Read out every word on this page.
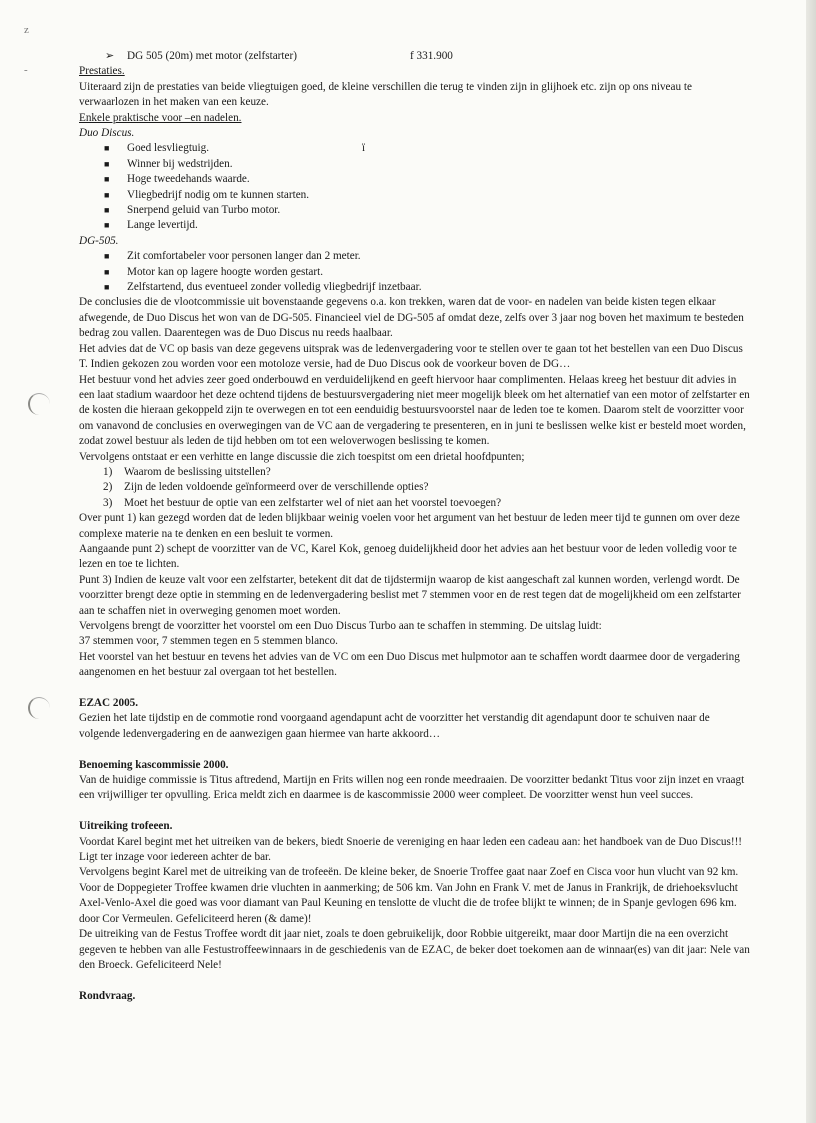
z
-
➢ DG 505 (20m) met motor (zelfstarter)	f 331.900

Prestaties.

Uiteraard zijn de prestaties van beide vliegtuigen goed, de kleine verschillen die terug te vinden zijn in glijhoek etc. zijn op ons niveau te verwaarlozen in het maken van een keuze.

Enkele praktische voor –en nadelen.

Duo Discus.

■ Goed lesvliegtuig.	ï
■ Winner bij wedstrijden.
■ Hoge tweedehands waarde.
■ Vliegbedrijf nodig om te kunnen starten.
■ Snerpend geluid van Turbo motor.
■ Lange levertijd.

DG-505.

■ Zit comfortabeler voor personen langer dan 2 meter.
■ Motor kan op lagere hoogte worden gestart.
■ Zelfstartend, dus eventueel zonder volledig vliegbedrijf inzetbaar.

De conclusies die de vlootcommissie uit bovenstaande gegevens o.a. kon trekken, waren dat de voor- en nadelen van beide kisten tegen elkaar afwegende, de Duo Discus het won van de DG-505. Financieel viel de DG-505 af omdat deze, zelfs over 3 jaar nog boven het maximum te besteden bedrag zou vallen. Daarentegen was de Duo Discus nu reeds haalbaar.

Het advies dat de VC op basis van deze gegevens uitsprak was de ledenvergadering voor te stellen over te gaan tot het bestellen van een Duo Discus T. Indien gekozen zou worden voor een motoloze versie, had de Duo Discus ook de voorkeur boven de DG…

Het bestuur vond het advies zeer goed onderbouwd en verduidelijkend en geeft hiervoor haar complimenten. Helaas kreeg het bestuur dit advies in een laat stadium waardoor het deze ochtend tijdens de bestuursvergadering niet meer mogelijk bleek om het alternatief van een motor of zelfstarter en de kosten die hieraan gekoppeld zijn te overwegen en tot een eenduidig bestuursvoorstel naar de leden toe te komen. Daarom stelt de voorzitter voor om vanavond de conclusies en overwegingen van de VC aan de vergadering te presenteren, en in juni te beslissen welke kist er besteld moet worden, zodat zowel bestuur als leden de tijd hebben om tot een weloverwogen beslissing te komen.

Vervolgens ontstaat er een verhitte en lange discussie die zich toespitst om een drietal hoofdpunten;

1) Waarom de beslissing uitstellen?
2) Zijn de leden voldoende geïnformeerd over de verschillende opties?
3) Moet het bestuur de optie van een zelfstarter wel of niet aan het voorstel toevoegen?

Over punt 1) kan gezegd worden dat de leden blijkbaar weinig voelen voor het argument van het bestuur de leden meer tijd te gunnen om over deze complexe materie na te denken en een besluit te vormen.

Aangaande punt 2) schept de voorzitter van de VC, Karel Kok, genoeg duidelijkheid door het advies aan het bestuur voor de leden volledig voor te lezen en toe te lichten.

Punt 3) Indien de keuze valt voor een zelfstarter, betekent dit dat de tijdstermijn waarop de kist aangeschaft zal kunnen worden, verlengd wordt. De voorzitter brengt deze optie in stemming en de ledenvergadering beslist met 7 stemmen voor en de rest tegen dat de mogelijkheid om een zelfstarter aan te schaffen niet in overweging genomen moet worden.

Vervolgens brengt de voorzitter het voorstel om een Duo Discus Turbo aan te schaffen in stemming. De uitslag luidt:

37 stemmen voor, 7 stemmen tegen en 5 stemmen blanco.

Het voorstel van het bestuur en tevens het advies van de VC om een Duo Discus met hulpmotor aan te schaffen wordt daarmee door de vergadering aangenomen en het bestuur zal overgaan tot het bestellen.

EZAC 2005.

Gezien het late tijdstip en de commotie rond voorgaand agendapunt acht de voorzitter het verstandig dit agendapunt door te schuiven naar de volgende ledenvergadering en de aanwezigen gaan hiermee van harte akkoord…

Benoeming kascommissie 2000.

Van de huidige commissie is Titus aftredend, Martijn en Frits willen nog een ronde meedraaien. De voorzitter bedankt Titus voor zijn inzet en vraagt een vrijwilliger ter opvulling. Erica meldt zich en daarmee is de kascommissie 2000 weer compleet. De voorzitter wenst hun veel succes.

Uitreiking trofeeen.

Voordat Karel begint met het uitreiken van de bekers, biedt Snoerie de vereniging en haar leden een cadeau aan: het handboek van de Duo Discus!!! Ligt ter inzage voor iedereen achter de bar.

Vervolgens begint Karel met de uitreiking van de trofeeën. De kleine beker, de Snoerie Troffee gaat naar Zoef en Cisca voor hun vlucht van 92 km.

Voor de Doppegieter Troffee kwamen drie vluchten in aanmerking; de 506 km. Van John en Frank V. met de Janus in Frankrijk, de driehoeksvlucht Axel-Venlo-Axel die goed was voor diamant van Paul Keuning en tenslotte de vlucht die de trofee blijkt te winnen; de in Spanje gevlogen 696 km. door Cor Vermeulen. Gefeliciteerd heren (& dame)!

De uitreiking van de Festus Troffee wordt dit jaar niet, zoals te doen gebruikelijk, door Robbie uitgereikt, maar door Martijn die na een overzicht gegeven te hebben van alle Festustroffeewinnaars in de geschiedenis van de EZAC, de beker doet toekomen aan de winnaar(es) van dit jaar: Nele van den Broeck. Gefeliciteerd Nele!

Rondvraag.
